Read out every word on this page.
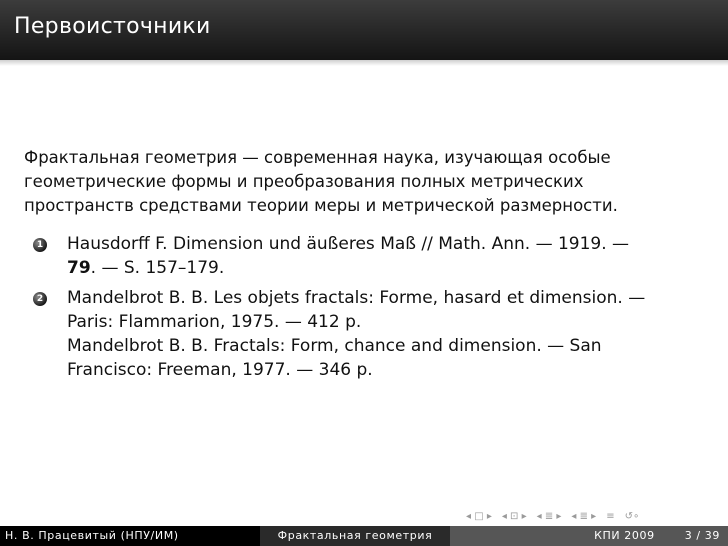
Первоисточники
Фрактальная геометрия — современная наука, изучающая особые
геометрические формы и преобразования полных метрических
пространств средствами теории меры и метрической размерности.
1 Hausdorff F. Dimension und äußeres Maß // Math. Ann. — 1919. —
79. — S. 157–179.
2 Mandelbrot B. B. Les objets fractals: Forme, hasard et dimension. —
Paris: Flammarion, 1975. — 412 p.
Mandelbrot B. B. Fractals: Form, chance and dimension. — San
Francisco: Freeman, 1977. — 346 p.
◂ □ ▸ ◂ ⊡ ▸ ◂ ≣ ▸ ◂ ≣ ▸ ≡ ↺∘
Н. В. Працевитый (НПУ/ИМ)	Фрактальная геометрия	КПИ 2009	3 / 39
